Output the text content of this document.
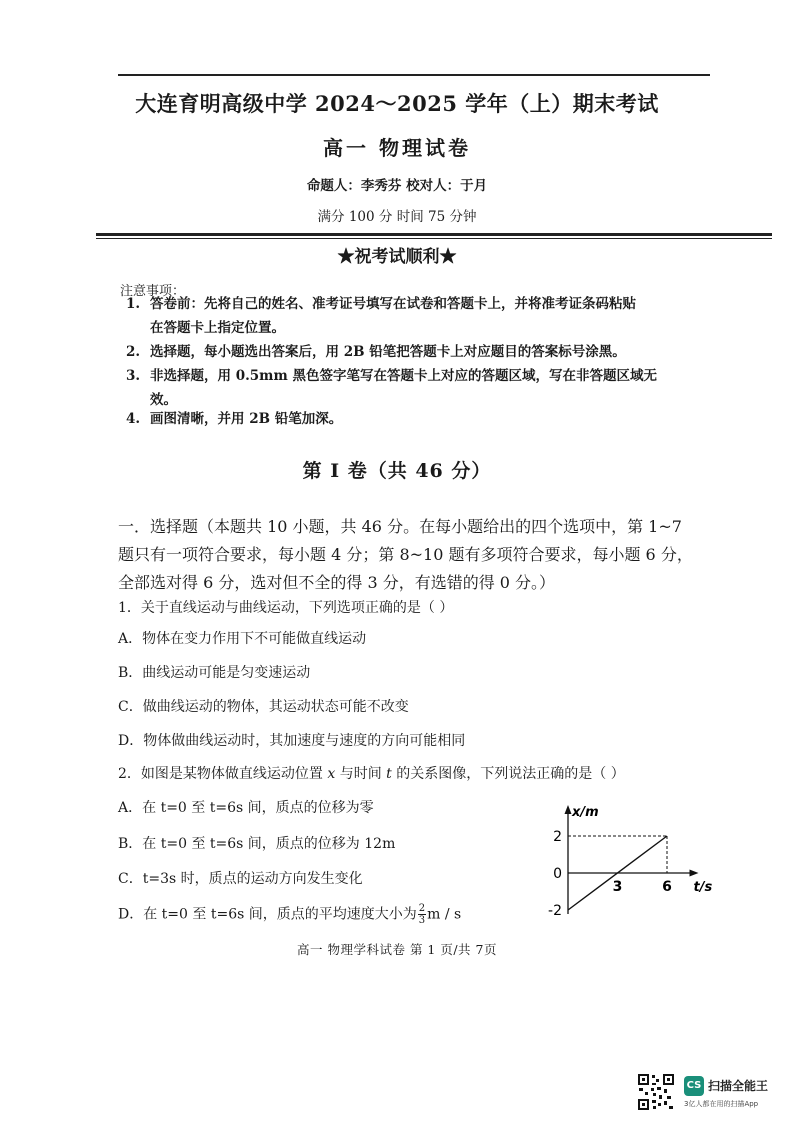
大连育明高级中学 2024～2025 学年（上）期末考试
高一 物理试卷
命题人：李秀芬 校对人：于月
满分 100 分 时间 75 分钟
★祝考试顺利★
注意事项：
1. 答卷前：先将自己的姓名、准考证号填写在试卷和答题卡上，并将准考证条码粘贴
在答题卡上指定位置。
2. 选择题，每小题选出答案后，用 2B 铅笔把答题卡上对应题目的答案标号涂黑。
3. 非选择题，用 0.5mm 黑色签字笔写在答题卡上对应的答题区域，写在非答题区域无
效。
4. 画图清晰，并用 2B 铅笔加深。
第 I 卷（共 46 分）
一．选择题（本题共 10 小题，共 46 分。在每小题给出的四个选项中，第 1~7
题只有一项符合要求，每小题 4 分；第 8~10 题有多项符合要求，每小题 6 分，
全部选对得 6 分，选对但不全的得 3 分，有选错的得 0 分。）
1．关于直线运动与曲线运动，下列选项正确的是（ ）
A．物体在变力作用下不可能做直线运动
B．曲线运动可能是匀变速运动
C．做曲线运动的物体，其运动状态可能不改变
D．物体做曲线运动时，其加速度与速度的方向可能相同
2．如图是某物体做直线运动位置 x 与时间 t 的关系图像，下列说法正确的是（ ）
A．在 t=0 至 t=6s 间，质点的位移为零
B．在 t=0 至 t=6s 间，质点的位移为 12m
C．t=3s 时，质点的运动方向发生变化
D．在 t=0 至 t=6s 间，质点的平均速度大小为 $\frac{2}{3}$ m / s
x/m
t/s
2
0
-2
3	6
高一 物理学科试卷 第 1 页/共 7页
CS 扫描全能王
3亿人都在用的扫描App
